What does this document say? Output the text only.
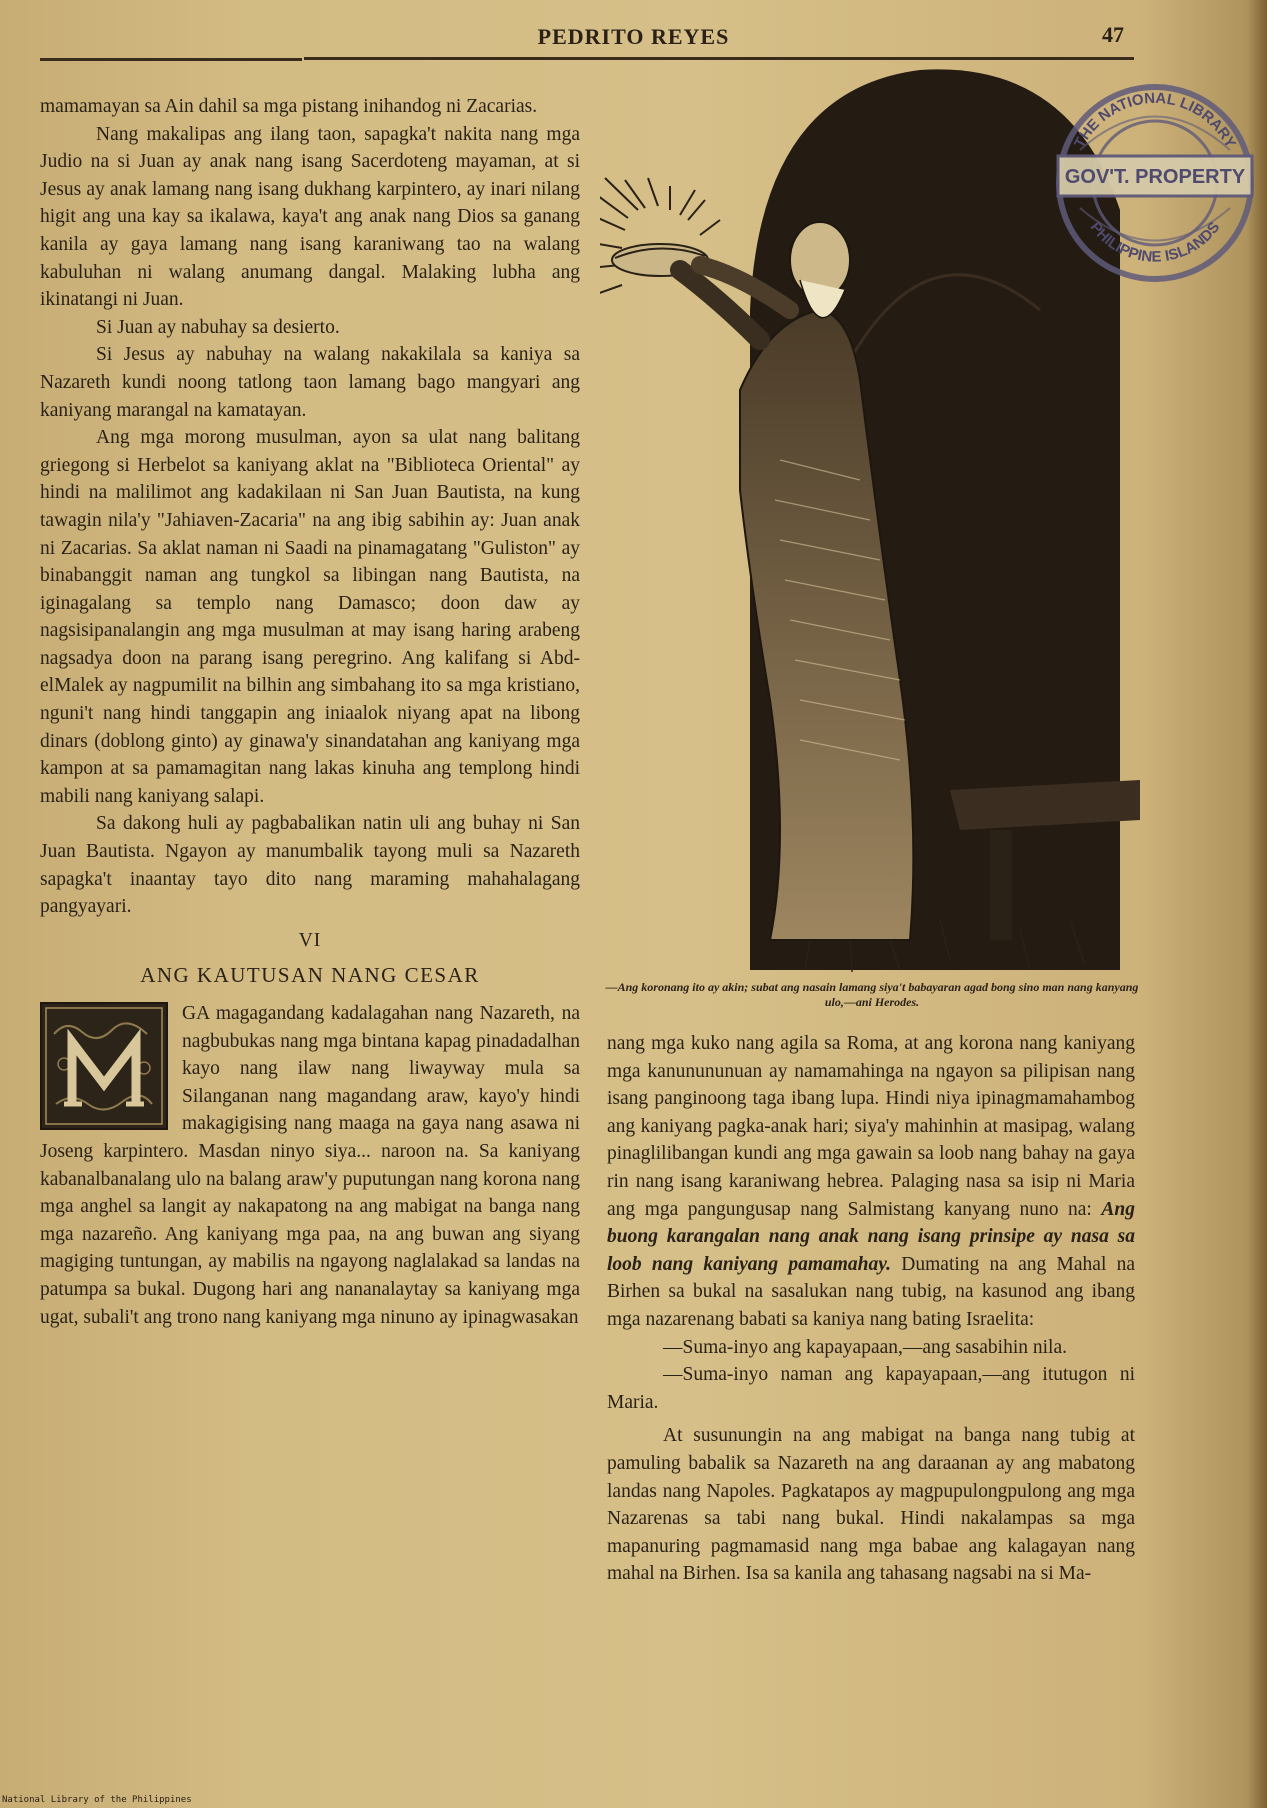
PEDRITO REYES	47

mamamayan sa Ain dahil sa mga pistang inihandog ni Zacarias.

Nang makalipas ang ilang taon, sapagka't nakita nang mga Judio na si Juan ay anak nang isang Sacerdoteng mayaman, at si Jesus ay anak lamang nang isang dukhang karpintero, ay inari nilang higit ang una kay sa ikalawa, kaya't ang anak nang Dios sa ganang kanila ay gaya lamang nang isang karaniwang tao na walang kabuluhan ni walang anumang dangal. Malaking lubha ang ikinatangi ni Juan.

Si Juan ay nabuhay sa desierto.

Si Jesus ay nabuhay na walang nakakilala sa kaniya sa Nazareth kundi noong tatlong taon lamang bago mangyari ang kaniyang marangal na kamatayan.

Ang mga morong musulman, ayon sa ulat nang balitang griegong si Herbelot sa kaniyang aklat na "Biblioteca Oriental" ay hindi na malilimot ang kadakilaan ni San Juan Bautista, na kung tawagin nila'y "Jahiaven-Zacaria" na ang ibig sabihin ay: Juan anak ni Zacarias. Sa aklat naman ni Saadi na pinamagatang "Guliston" ay binabanggit naman ang tungkol sa libingan nang Bautista, na iginagalang sa templo nang Damasco; doon daw ay nagsisipanalangin ang mga musulman at may isang haring arabeng nagsadya doon na parang isang peregrino. Ang kalifang si Abd-elMalek ay nagpumilit na bilhin ang simbahang ito sa mga kristiano, nguni't nang hindi tanggapin ang iniaalok niyang apat na libong dinars (doblong ginto) ay ginawa'y sinandatahan ang kaniyang mga kampon at sa pamamagitan nang lakas kinuha ang templong hindi mabili nang kaniyang salapi.

Sa dakong huli ay pagbabalikan natin uli ang buhay ni San Juan Bautista. Ngayon ay manumbalik tayong muli sa Nazareth sapagka't inaantay tayo dito nang maraming mahahalagang pangyayari.

VI

ANG KAUTUSAN NANG CESAR

GA magagandang kadalagahan nang Nazareth, na nagbubukas nang mga bintana kapag pinadadalhan kayo nang ilaw nang liwayway mula sa Silanganan nang magandang araw, kayo'y hindi makagigising nang maaga na gaya nang asawa ni Joseng karpintero. Masdan ninyo siya... naroon na. Sa kaniyang kabanalbanalang ulo na balang araw'y puputungan nang korona nang mga anghel sa langit ay nakapatong na ang mabigat na banga nang mga nazareño. Ang kaniyang mga paa, na ang buwan ang siyang magiging tuntungan, ay mabilis na ngayong naglalakad sa landas na patumpa sa bukal. Dugong hari ang nananalaytay sa kaniyang mga ugat, subali't ang trono nang kaniyang mga ninuno ay ipinagwasakan

—Ang koronang ito ay akin; subat ang nasain lamang siya't babayaran agad bong sino man nang kanyang ulo,—ani Herodes.
THE NATIONAL LIBRARY
PHILIPPINE ISLANDS
GOV'T. PROPERTY

nang mga kuko nang agila sa Roma, at ang korona nang kaniyang mga kanunununuan ay namamahinga na ngayon sa pilipisan nang isang panginoong taga ibang lupa. Hindi niya ipinagmamahambog ang kaniyang pagka-anak hari; siya'y mahinhin at masipag, walang pinaglilibangan kundi ang mga gawain sa loob nang bahay na gaya rin nang isang karaniwang hebrea. Palaging nasa sa isip ni Maria ang mga pangungusap nang Salmistang kanyang nuno na: Ang buong karangalan nang anak nang isang prinsipe ay nasa sa loob nang kaniyang pamamahay. Dumating na ang Mahal na Birhen sa bukal na sasalukan nang tubig, na kasunod ang ibang mga nazarenang babati sa kaniya nang bating Israelita:

—Suma-inyo ang kapayapaan,—ang sasabihin nila.

—Suma-inyo naman ang kapayapaan,—ang itutugon ni Maria.

At susunungin na ang mabigat na banga nang tubig at pamuling babalik sa Nazareth na ang daraanan ay ang mabatong landas nang Napoles. Pagkatapos ay magpupulongpulong ang mga Nazarenas sa tabi nang bukal. Hindi nakalampas sa mga mapanuring pagmamasid nang mga babae ang kalagayan nang mahal na Birhen. Isa sa kanila ang tahasang nagsabi na si Ma-

National Library of the Philippines
